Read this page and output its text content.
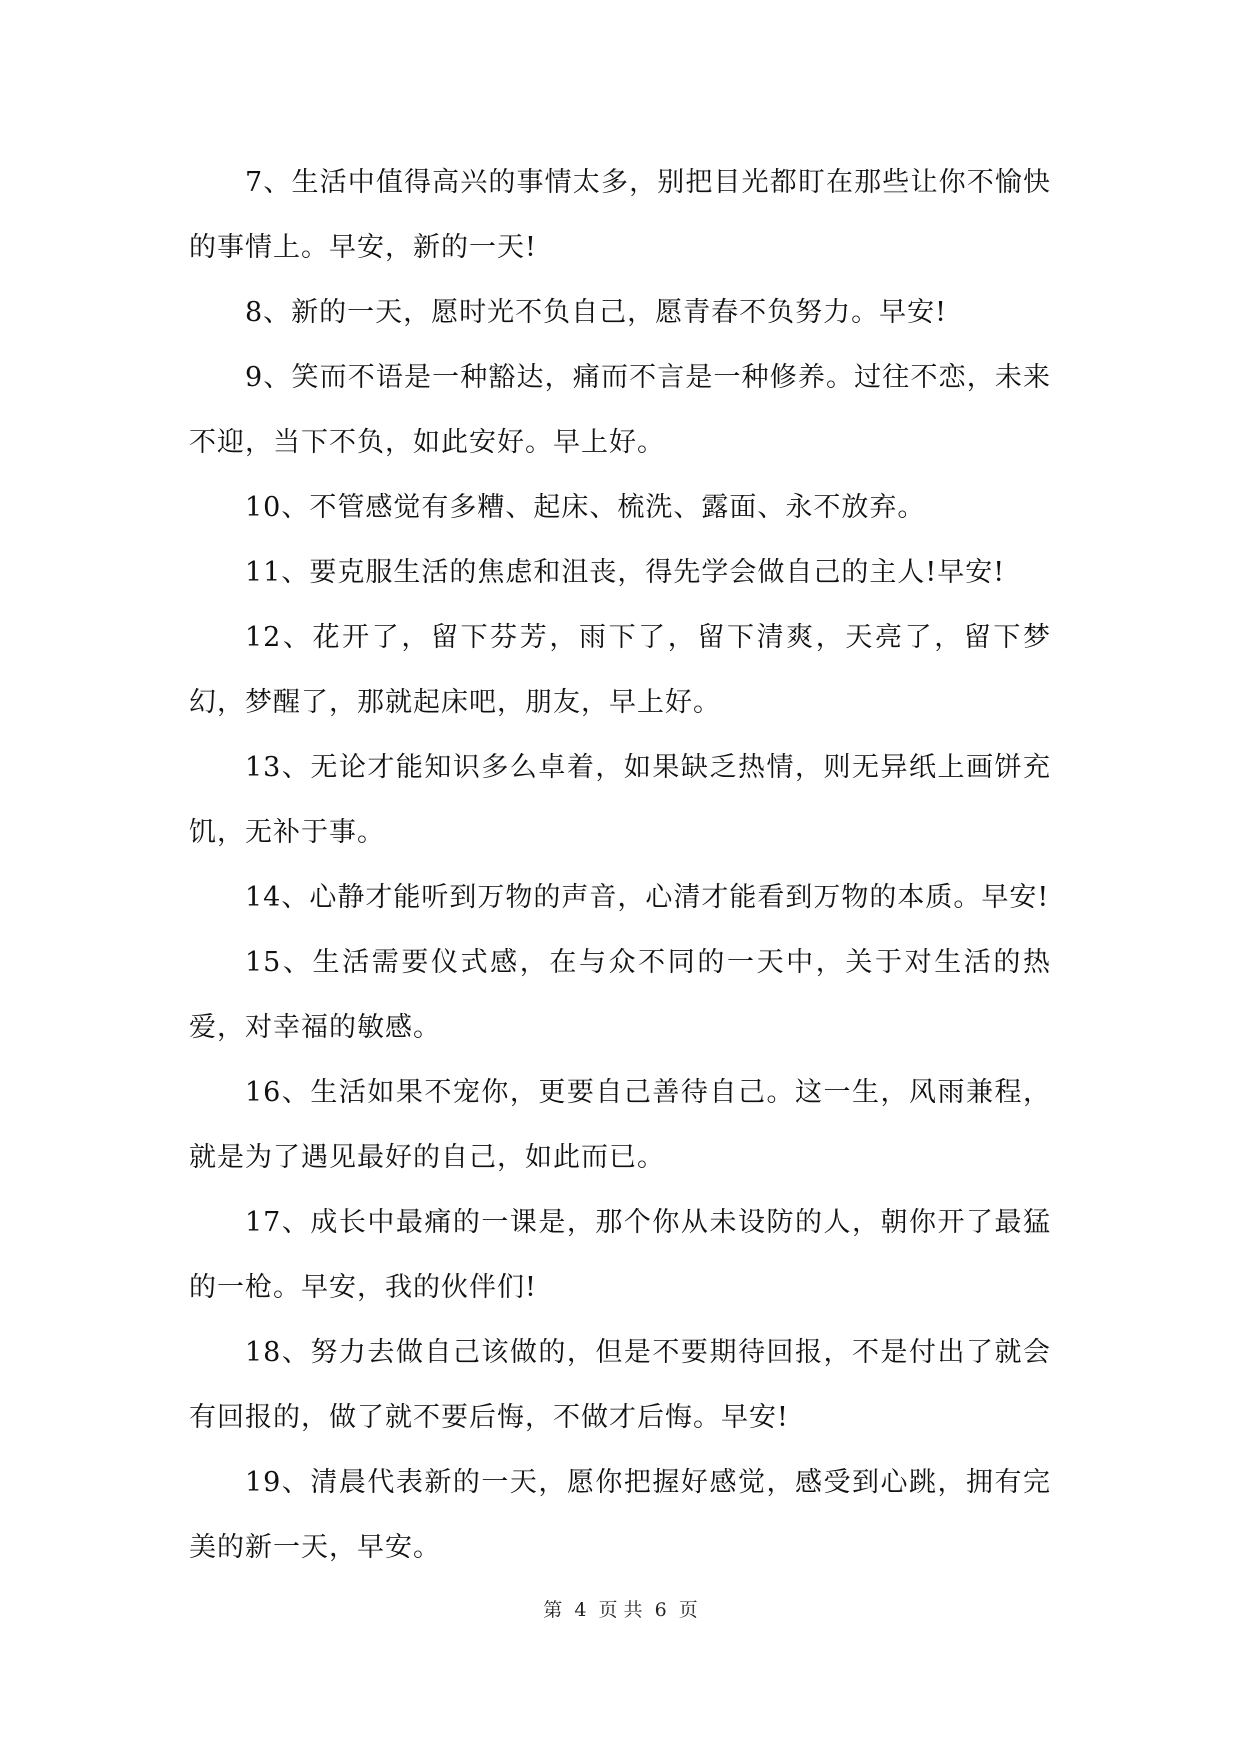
7、生活中值得高兴的事情太多，别把目光都盯在那些让你不愉快的事情上。早安，新的一天!

8、新的一天，愿时光不负自己，愿青春不负努力。早安!

9、笑而不语是一种豁达，痛而不言是一种修养。过往不恋，未来不迎，当下不负，如此安好。早上好。

10、不管感觉有多糟、起床、梳洗、露面、永不放弃。

11、要克服生活的焦虑和沮丧，得先学会做自己的主人!早安!

12、花开了，留下芬芳，雨下了，留下清爽，天亮了，留下梦幻，梦醒了，那就起床吧，朋友，早上好。

13、无论才能知识多么卓着，如果缺乏热情，则无异纸上画饼充饥，无补于事。

14、心静才能听到万物的声音，心清才能看到万物的本质。早安!

15、生活需要仪式感，在与众不同的一天中，关于对生活的热爱，对幸福的敏感。

16、生活如果不宠你，更要自己善待自己。这一生，风雨兼程，就是为了遇见最好的自己，如此而已。

17、成长中最痛的一课是，那个你从未设防的人，朝你开了最猛的一枪。早安，我的伙伴们!

18、努力去做自己该做的，但是不要期待回报，不是付出了就会有回报的，做了就不要后悔，不做才后悔。早安!

19、清晨代表新的一天，愿你把握好感觉，感受到心跳，拥有完美的新一天，早安。

第 4 页 共 6 页
